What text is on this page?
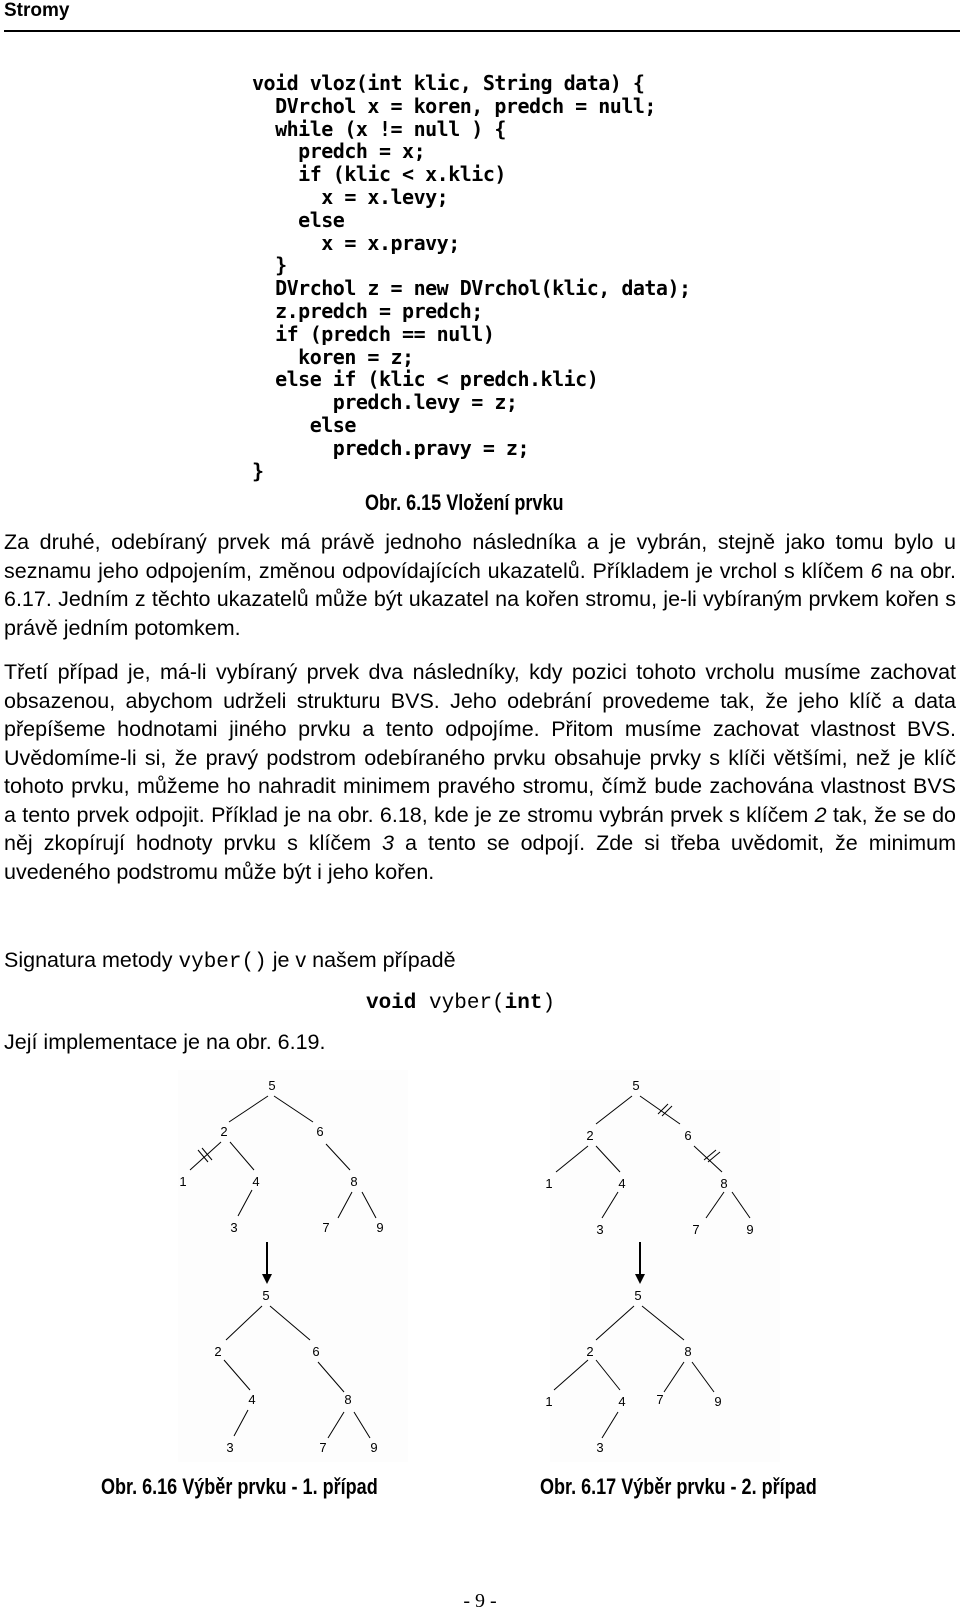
Stromy
void vloz(int klic, String data) {
DVrchol x = koren, predch = null;
while (x != null ) {
predch = x;
if (klic < x.klic)
x = x.levy;
else
x = x.pravy;
}
DVrchol z = new DVrchol(klic, data);
z.predch = predch;
if (predch == null)
koren = z;
else if (klic < predch.klic)
predch.levy = z;
else
predch.pravy = z;
}
Obr. 6.15 Vložení prvku

Za druhé, odebíraný prvek má právě jednoho následníka a je vybrán, stejně jako tomu bylo u seznamu jeho odpojením, změnou odpovídajících ukazatelů. Příkladem je vrchol s klíčem 6 na obr. 6.17. Jedním z těchto ukazatelů může být ukazatel na kořen stromu, je-li vybíraným prvkem kořen s právě jedním potomkem.

Třetí případ je, má-li vybíraný prvek dva následníky, kdy pozici tohoto vrcholu musíme zachovat obsazenou, abychom udrželi strukturu BVS. Jeho odebrání provedeme tak, že jeho klíč a data přepíšeme hodnotami jiného prvku a tento odpojíme. Přitom musíme zachovat vlastnost BVS. Uvědomíme-li si, že pravý podstrom odebíraného prvku obsahuje prvky s klíči většími, než je klíč tohoto prvku, můžeme ho nahradit minimem pravého stromu, čímž bude zachována vlastnost BVS a tento prvek odpojit. Příklad je na obr. 6.18, kde je ze stromu vybrán prvek s klíčem 2 tak, že se do něj zkopírují hodnoty prvku s klíčem 3 a tento se odpojí. Zde si třeba uvědomit, že minimum uvedeného podstromu může být i jeho kořen.

Signatura metody vyber() je v našem případě
void vyber(int)
Její implementace je na obr. 6.19.
5
2	6
1	4	8
3	7	9
5
2	6
4	8
3	7	9
5
2	6
1	4	8
3	7	9
5
2	8
1	4 7	9
3
Obr. 6.16 Výběr prvku - 1. případ	Obr. 6.17 Výběr prvku - 2. případ
- 9 -
